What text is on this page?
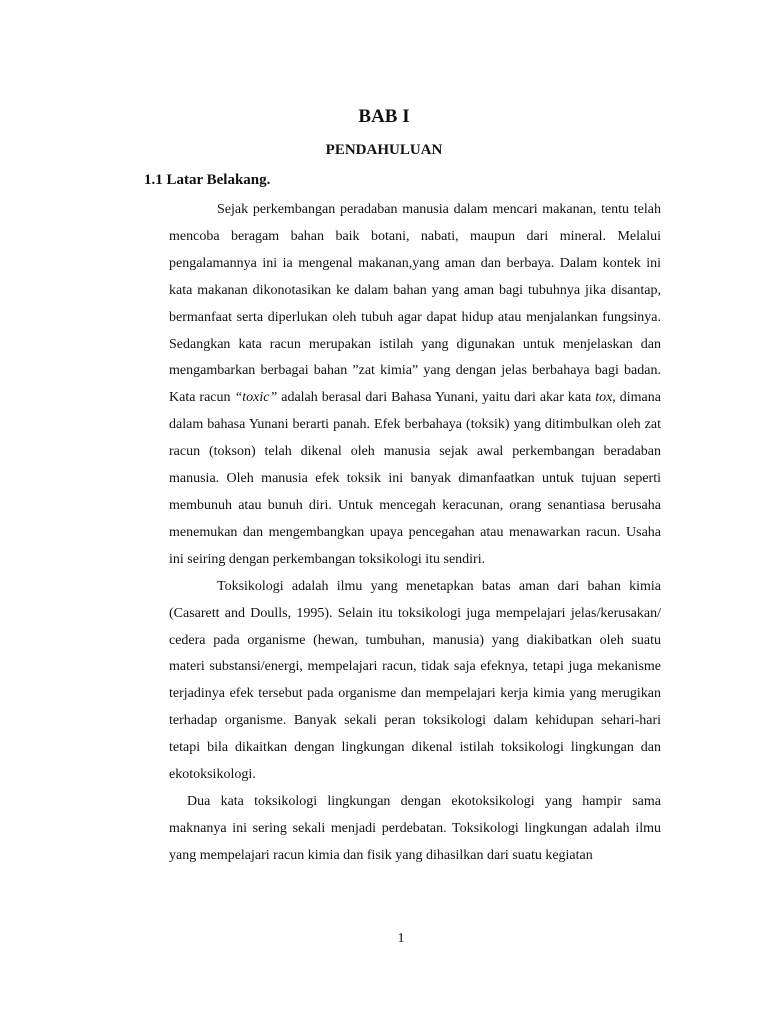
BAB I
PENDAHULUAN
1.1 Latar Belakang.

Sejak perkembangan peradaban manusia dalam mencari makanan, tentu telah mencoba beragam bahan baik botani, nabati, maupun dari mineral. Melalui pengalamannya ini ia mengenal makanan,yang aman dan berbaya. Dalam kontek ini kata makanan dikonotasikan ke dalam bahan yang aman bagi tubuhnya jika disantap, bermanfaat serta diperlukan oleh tubuh agar dapat hidup atau menjalankan fungsinya. Sedangkan kata racun merupakan istilah yang digunakan untuk menjelaskan dan mengambarkan berbagai bahan ”zat kimia” yang dengan jelas berbahaya bagi badan. Kata racun “toxic” adalah berasal dari Bahasa Yunani, yaitu dari akar kata tox, dimana dalam bahasa Yunani berarti panah. Efek berbahaya (toksik) yang ditimbulkan oleh zat racun (tokson) telah dikenal oleh manusia sejak awal perkembangan beradaban manusia. Oleh manusia efek toksik ini banyak dimanfaatkan untuk tujuan seperti membunuh atau bunuh diri. Untuk mencegah keracunan, orang senantiasa berusaha menemukan dan mengembangkan upaya pencegahan atau menawarkan racun. Usaha ini seiring dengan perkembangan toksikologi itu sendiri.

Toksikologi adalah ilmu yang menetapkan batas aman dari bahan kimia (Casarett and Doulls, 1995). Selain itu toksikologi juga mempelajari jelas/kerusakan/ cedera pada organisme (hewan, tumbuhan, manusia) yang diakibatkan oleh suatu materi substansi/energi, mempelajari racun, tidak saja efeknya, tetapi juga mekanisme terjadinya efek tersebut pada organisme dan mempelajari kerja kimia yang merugikan terhadap organisme. Banyak sekali peran toksikologi dalam kehidupan sehari-hari tetapi bila dikaitkan dengan lingkungan dikenal istilah toksikologi lingkungan dan ekotoksikologi.

Dua kata toksikologi lingkungan dengan ekotoksikologi yang hampir sama maknanya ini sering sekali menjadi perdebatan. Toksikologi lingkungan adalah ilmu yang mempelajari racun kimia dan fisik yang dihasilkan dari suatu kegiatan

1
